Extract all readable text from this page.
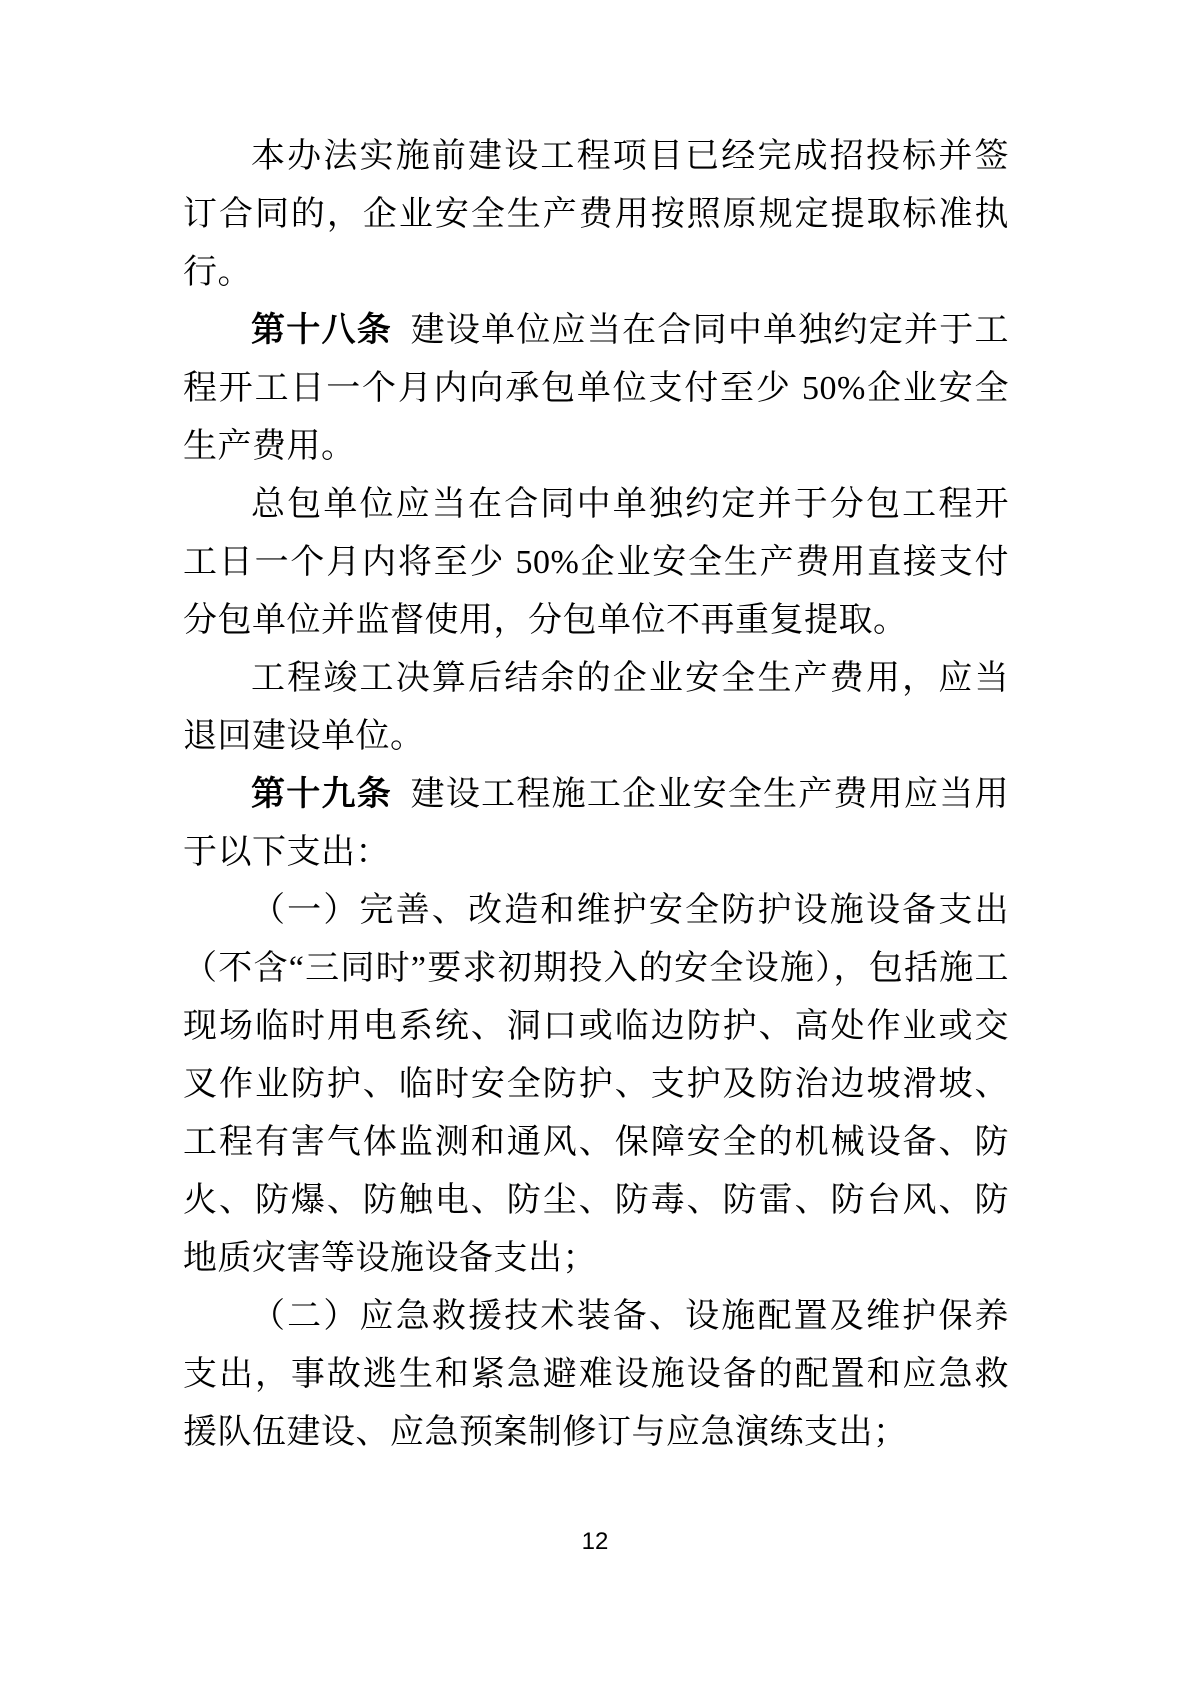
本办法实施前建设工程项目已经完成招投标并签订合同的，企业安全生产费用按照原规定提取标准执行。

第十八条 建设单位应当在合同中单独约定并于工程开工日一个月内向承包单位支付至少 50%企业安全生产费用。

总包单位应当在合同中单独约定并于分包工程开工日一个月内将至少 50%企业安全生产费用直接支付分包单位并监督使用，分包单位不再重复提取。

工程竣工决算后结余的企业安全生产费用，应当退回建设单位。

第十九条 建设工程施工企业安全生产费用应当用于以下支出：

（一）完善、改造和维护安全防护设施设备支出（不含“三同时”要求初期投入的安全设施），包括施工现场临时用电系统、洞口或临边防护、高处作业或交叉作业防护、临时安全防护、支护及防治边坡滑坡、工程有害气体监测和通风、保障安全的机械设备、防火、防爆、防触电、防尘、防毒、防雷、防台风、防地质灾害等设施设备支出；

（二）应急救援技术装备、设施配置及维护保养支出，事故逃生和紧急避难设施设备的配置和应急救援队伍建设、应急预案制修订与应急演练支出；

12
